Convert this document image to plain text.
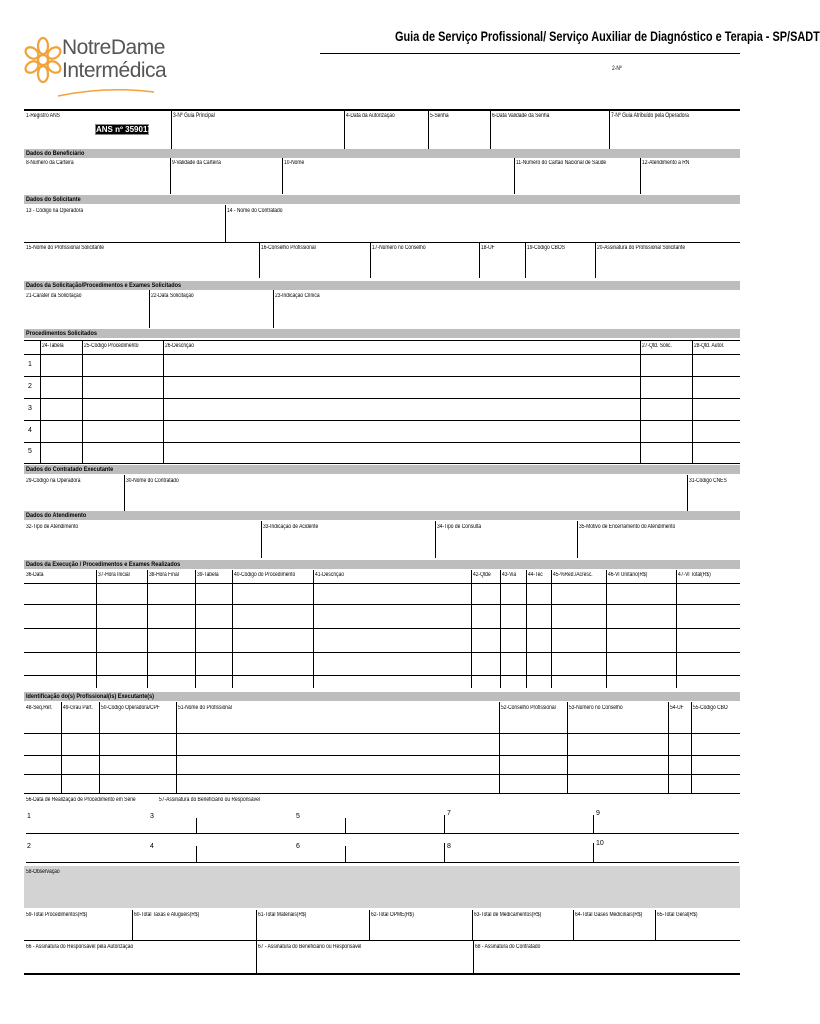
NotreDame
Intermédica
Guia de Serviço Profissional/ Serviço Auxiliar de Diagnóstico e Terapia - SP/SADT
2-Nº
1-Registro ANS
ANS nº 359017
3-Nº Guia Principal	4-Data da Autorização	5-Senha	6-Data Validade da Senha	7-Nº Guia Atribuído pela Operadora
Dados do Beneficiário
8-Número da Carteira	9-Validade da Carteira	10-Nome	11-Número do Cartão Nacional de Saúde	12-Atendimento a RN
Dados do Solicitante
13 - Código na Operadora	14 - Nome do Contratado
15-Nome do Profissional Solicitante	16-Conselho Profissional	17-Número no Conselho	18-UF	19-Código CBOS	20-Assinatura do Profissional Solicitante
Dados da Solicitação/Procedimentos e Exames Solicitados
21-Caráter da Solicitação	22-Data Solicitação	23-Indicação Clínica
Procedimentos Solicitados
24-Tabela	25-Código Procedimento	26-Descrição	27-Qtd. Solic.	28-Qtd. Autor.
1
2
3
4
5
Dados do Contratado Executante
29-Código na Operadora	30-Nome do Contratado	31-Código CNES
Dados do Atendimento
32-Tipo de Atendimento	33-Indicação de Acidente	34-Tipo de Consulta	35-Motivo de Encerramento do Atendimento
Dados da Execução / Procedimentos e Exames Realizados
36-Data	37-Hora Inicial	38-Hora Final	39-Tabela	40-Código do Procedimento	41-Descrição	42-Qtde 43-Via 44-Tec 45-%Red./Acresc.	46-Vl Unitário(R$)	47-Vl Total(R$)
Identificação do(s) Profissional(is) Executante(s)
48-Seq.Ref. 49-Grau Part. 50-Código Operadora/CPF	51-Nome do Profissional	52-Conselho Profissional 53-Número no Conselho	54-UF 55-Código CBO
56-Data de Realização de Procedimento em Série	57-Assinatura do Beneficiário ou Responsável
1	3	5	7	9
2	4	6	8	10
58-Observação
59-Total Procedimentos(R$)	60-Total Taxas e Aluguéis(R$)	61-Total Materiais(R$)	62-Total OPME(R$)	63-Total de Medicamentos(R$)	64-Total Gases Medicinais(R$) 65-Total Geral(R$)
66 - Assinatura do Responsável pela Autorização	67 - Assinatura do Beneficiário ou Responsável	68 - Assinatura do Contratado
